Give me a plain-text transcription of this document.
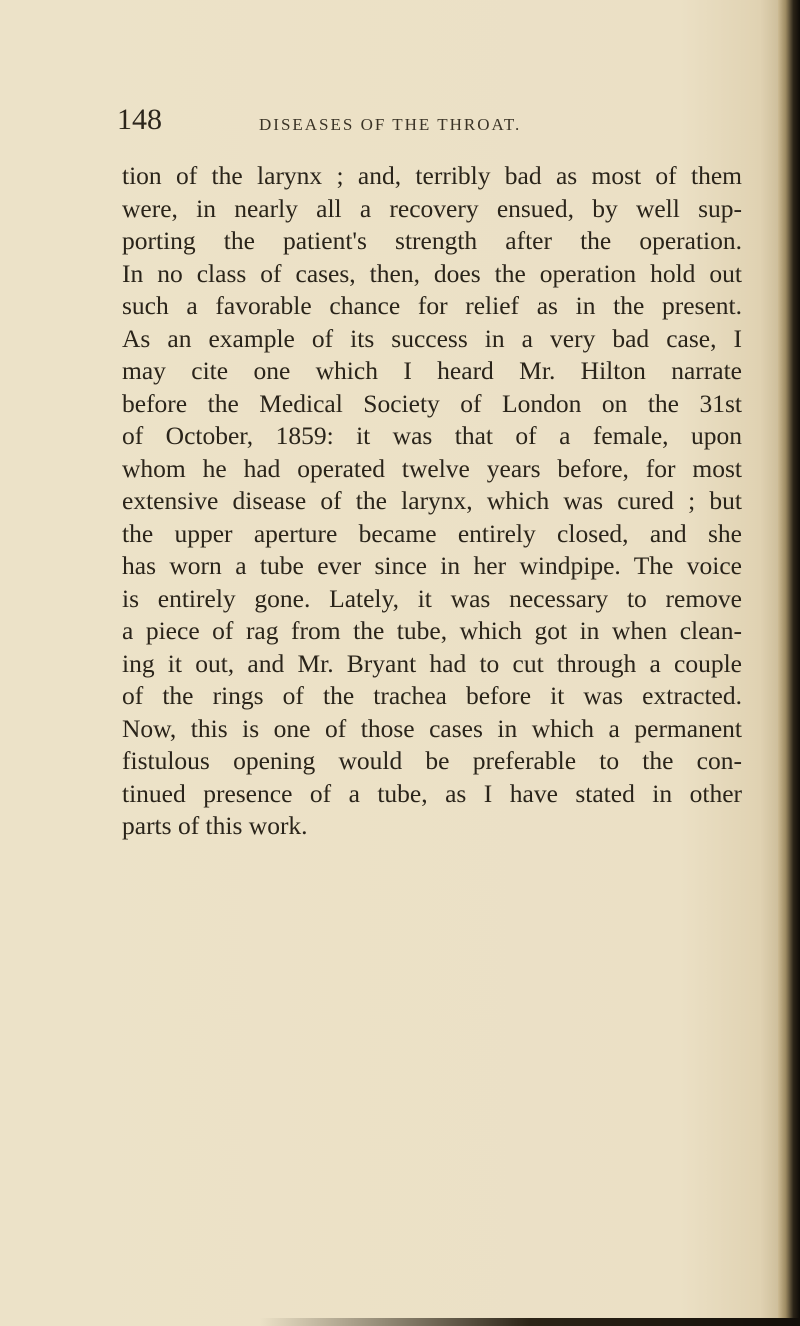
148	DISEASES OF THE THROAT.
tion of the larynx ; and, terribly bad as most of them
were, in nearly all a recovery ensued, by well sup-
porting the patient's strength after the operation.
In no class of cases, then, does the operation hold out
such a favorable chance for relief as in the present.
As an example of its success in a very bad case, I
may cite one which I heard Mr. Hilton narrate
before the Medical Society of London on the 31st
of October, 1859: it was that of a female, upon
whom he had operated twelve years before, for most
extensive disease of the larynx, which was cured ; but
the upper aperture became entirely closed, and she
has worn a tube ever since in her windpipe. The voice
is entirely gone. Lately, it was necessary to remove
a piece of rag from the tube, which got in when clean-
ing it out, and Mr. Bryant had to cut through a couple
of the rings of the trachea before it was extracted.
Now, this is one of those cases in which a permanent
fistulous opening would be preferable to the con-
tinued presence of a tube, as I have stated in other
parts of this work.
